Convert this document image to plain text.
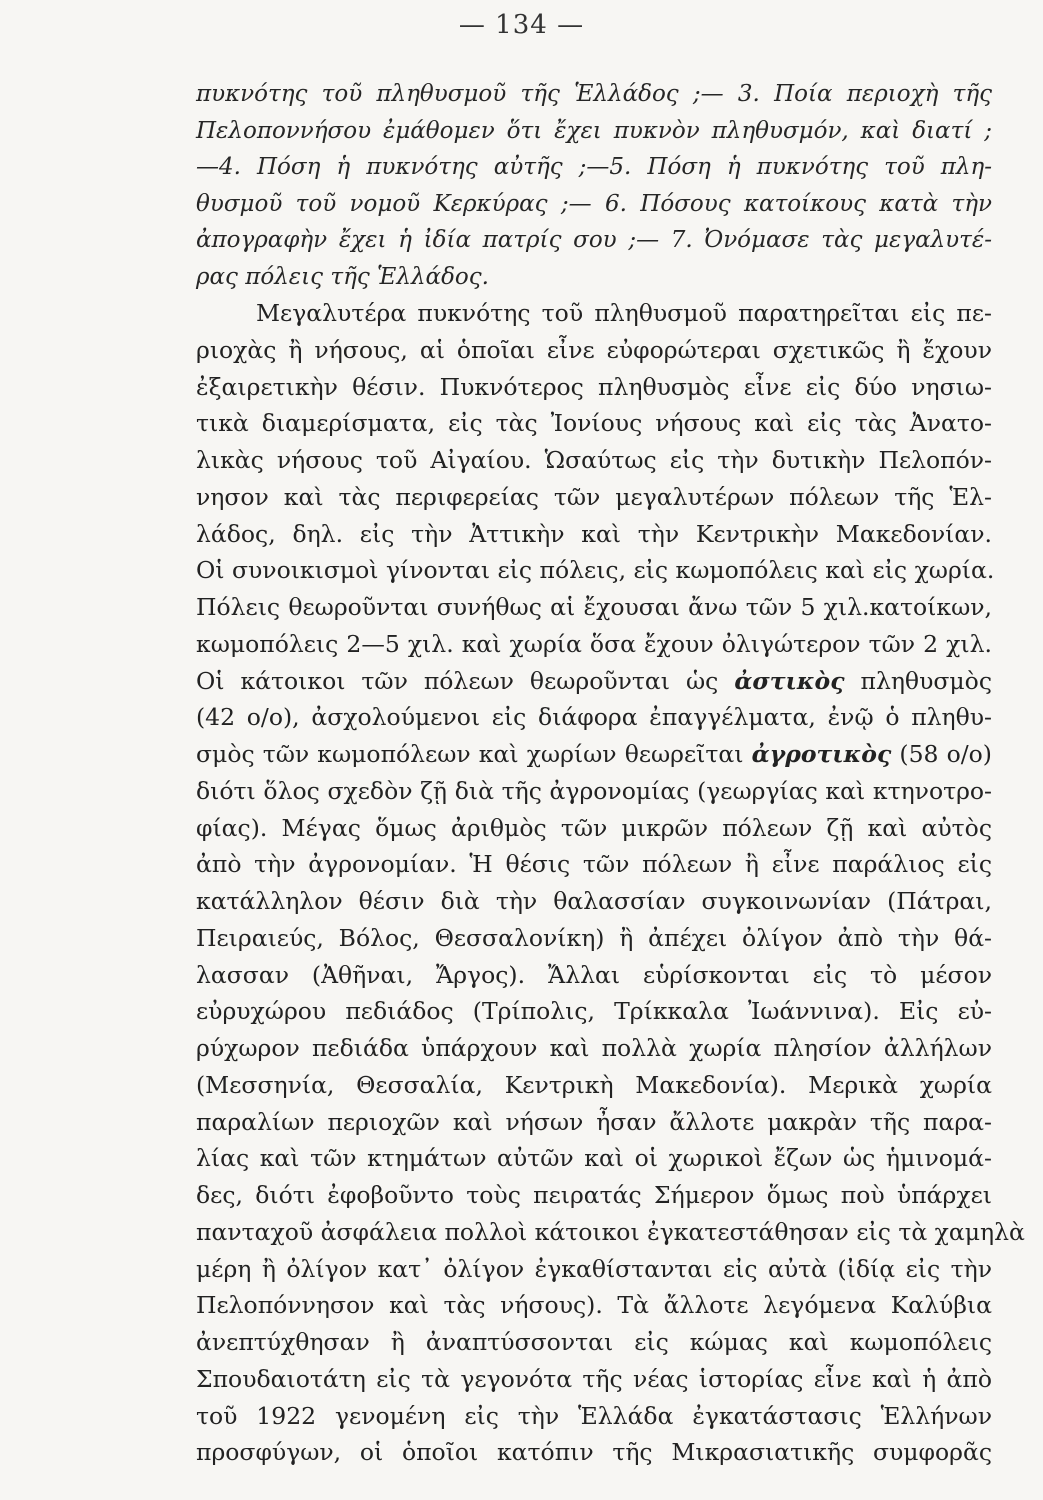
— 134 —
πυκνότης τοῦ πληθυσμοῦ τῆς Ἑλλάδος ;— 3. Ποία περιοχὴ τῆς
Πελοποννήσου ἐμάθομεν ὅτι ἔχει πυκνὸν πληθυσμόν, καὶ διατί ;
—4. Πόση ἡ πυκνότης αὐτῆς ;—5. Πόση ἡ πυκνότης τοῦ πλη-
θυσμοῦ τοῦ νομοῦ Κερκύρας ;— 6. Πόσους κατοίκους κατὰ τὴν
ἀπογραφὴν ἔχει ἡ ἰδία πατρίς σου ;— 7. Ὀνόμασε τὰς μεγαλυτέ-
ρας πόλεις τῆς Ἑλλάδος.
Μεγαλυτέρα πυκνότης τοῦ πληθυσμοῦ παρατηρεῖται εἰς πε-
ριοχὰς ἢ νήσους, αἱ ὁποῖαι εἶνε εὐφορώτεραι σχετικῶς ἢ ἔχουν
ἐξαιρετικὴν θέσιν. Πυκνότερος πληθυσμὸς εἶνε εἰς δύο νησιω-
τικὰ διαμερίσματα, εἰς τὰς Ἰονίους νήσους καὶ εἰς τὰς Ἀνατο-
λικὰς νήσους τοῦ Αἰγαίου. Ὡσαύτως εἰς τὴν δυτικὴν Πελοπόν-
νησον καὶ τὰς περιφερείας τῶν μεγαλυτέρων πόλεων τῆς Ἑλ-
λάδος, δηλ. εἰς τὴν Ἀττικὴν καὶ τὴν Κεντρικὴν Μακεδονίαν.
Οἱ συνοικισμοὶ γίνονται εἰς πόλεις, εἰς κωμοπόλεις καὶ εἰς χωρία.
Πόλεις θεωροῦνται συνήθως αἱ ἔχουσαι ἄνω τῶν 5 χιλ.κατοίκων,
κωμοπόλεις 2—5 χιλ. καὶ χωρία ὅσα ἔχουν ὀλιγώτερον τῶν 2 χιλ.
Οἱ κάτοικοι τῶν πόλεων θεωροῦνται ὡς ἀστικὸς πληθυσμὸς
(42 ο/ο), ἀσχολούμενοι εἰς διάφορα ἐπαγγέλματα, ἐνῷ ὁ πληθυ-
σμὸς τῶν κωμοπόλεων καὶ χωρίων θεωρεῖται ἀγροτικὸς (58 ο/ο)
διότι ὅλος σχεδὸν ζῇ διὰ τῆς ἀγρονομίας (γεωργίας καὶ κτηνοτρο-
φίας). Μέγας ὅμως ἀριθμὸς τῶν μικρῶν πόλεων ζῇ καὶ αὐτὸς
ἀπὸ τὴν ἀγρονομίαν. Ἡ θέσις τῶν πόλεων ἢ εἶνε παράλιος εἰς
κατάλληλον θέσιν διὰ τὴν θαλασσίαν συγκοινωνίαν (Πάτραι,
Πειραιεύς, Βόλος, Θεσσαλονίκη) ἢ ἀπέχει ὀλίγον ἀπὸ τὴν θά-
λασσαν (Ἀθῆναι, Ἄργος). Ἄλλαι εὑρίσκονται εἰς τὸ μέσον
εὐρυχώρου πεδιάδος (Τρίπολις, Τρίκκαλα Ἰωάννινα). Εἰς εὐ-
ρύχωρον πεδιάδα ὑπάρχουν καὶ πολλὰ χωρία πλησίον ἀλλήλων
(Μεσσηνία, Θεσσαλία, Κεντρικὴ Μακεδονία). Μερικὰ χωρία
παραλίων περιοχῶν καὶ νήσων ἦσαν ἄλλοτε μακρὰν τῆς παρα-
λίας καὶ τῶν κτημάτων αὐτῶν καὶ οἱ χωρικοὶ ἔζων ὡς ἡμινομά-
δες, διότι ἐφοβοῦντο τοὺς πειρατάς Σήμερον ὅμως ποὺ ὑπάρχει
πανταχοῦ ἀσφάλεια πολλοὶ κάτοικοι ἐγκατεστάθησαν εἰς τὰ χαμηλὰ
μέρη ἢ ὀλίγον κατ᾽ ὀλίγον ἐγκαθίστανται εἰς αὐτὰ (ἰδίᾳ εἰς τὴν
Πελοπόννησον καὶ τὰς νήσους). Τὰ ἄλλοτε λεγόμενα Καλύβια
ἀνεπτύχθησαν ἢ ἀναπτύσσονται εἰς κώμας καὶ κωμοπόλεις
Σπουδαιοτάτη εἰς τὰ γεγονότα τῆς νέας ἱστορίας εἶνε καὶ ἡ ἀπὸ
τοῦ 1922 γενομένη εἰς τὴν Ἑλλάδα ἐγκατάστασις Ἑλλήνων
προσφύγων, οἱ ὁποῖοι κατόπιν τῆς Μικρασιατικῆς συμφορᾶς
